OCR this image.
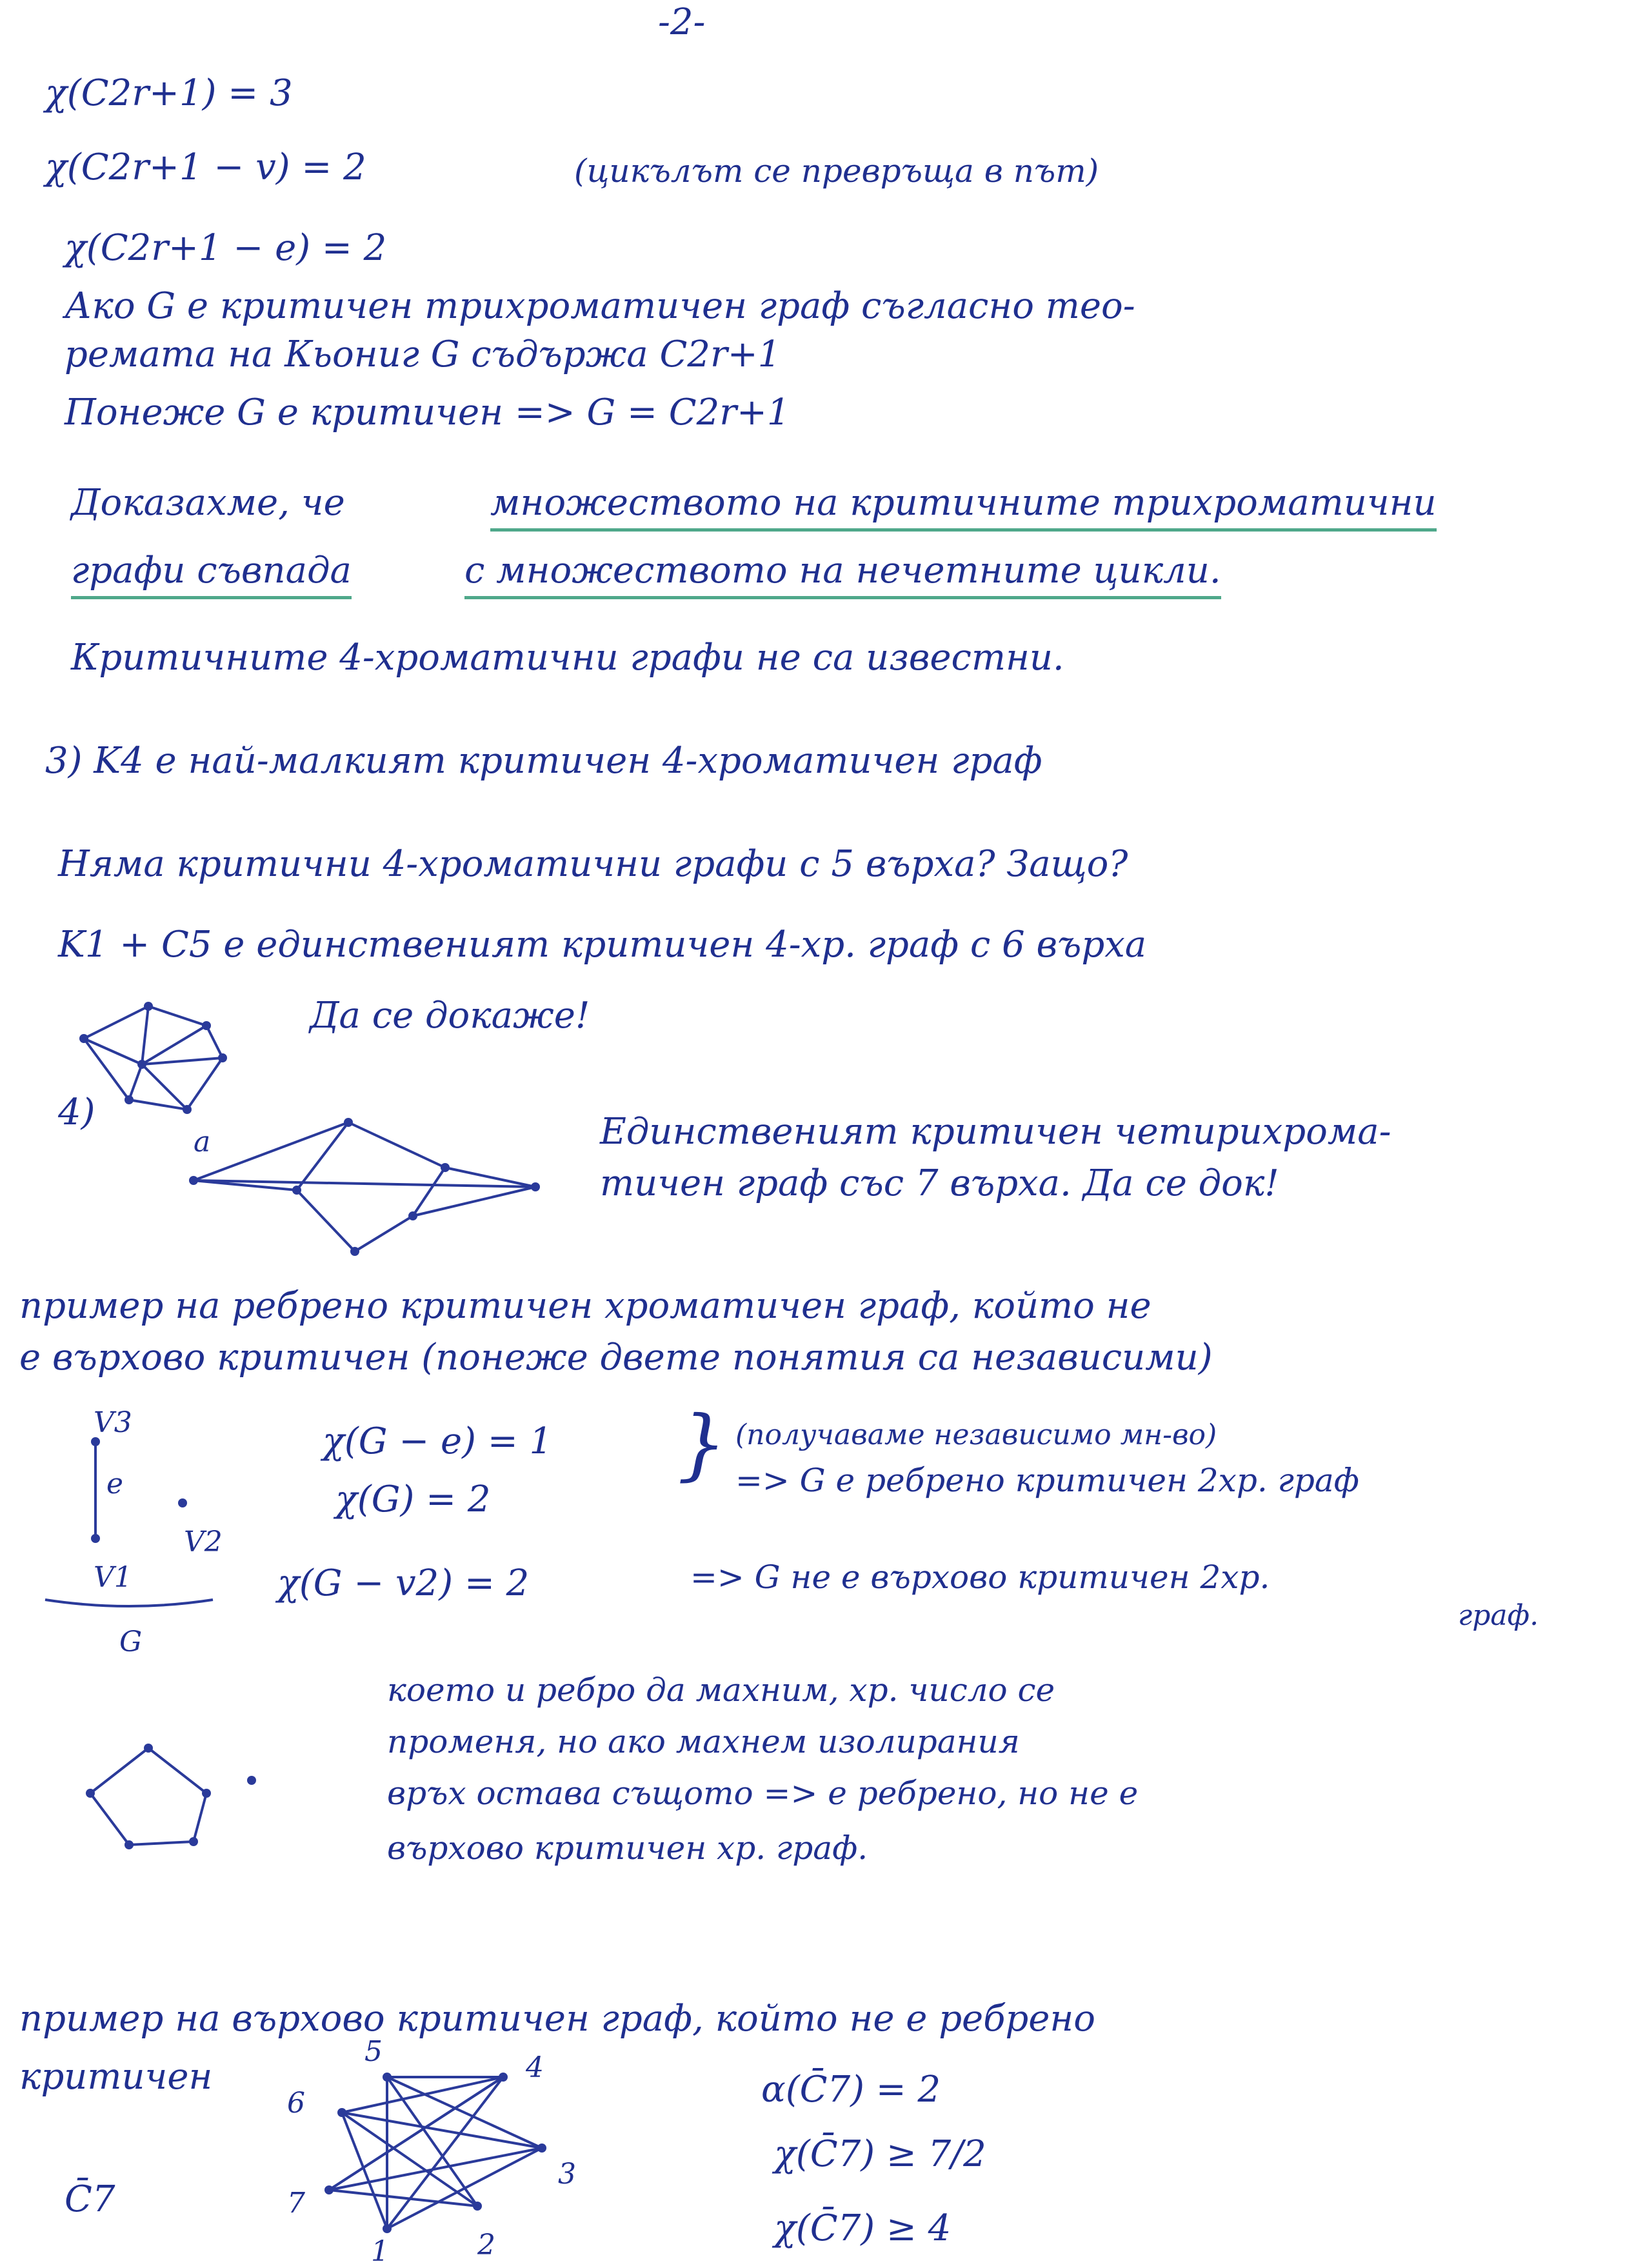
-2-
χ(C2r+1) = 3
χ(C2r+1 − v) = 2	(цикълът се превръща в път)
χ(C2r+1 − e) = 2
Ако G е критичен трихроматичен граф съгласно тео-
ремата на Кьониг G съдържа C2r+1
Понеже G е критичен => G = C2r+1
Доказахме, че	множеството на критичните трихроматични
графи съвпада	с множеството на нечетните цикли.
Критичните 4-хроматични графи не са известни.
3) K4 е най-малкият критичен 4-хроматичен граф
Няма критични 4-хроматични графи с 5 върха? Защо?
K1 + C5 е единственият критичен 4-хр. граф с 6 върха
Да се докаже!
4)
a	Единственият критичен четирихрома-
тичен граф със 7 върха. Да се док!
пример на ребрено критичен хроматичен граф, който не
е върхово критичен (понеже двете понятия са независими)
V3
e
V2
V1
G
χ(G − e) = 1 } (получаваме независимо мн-во)
χ(G) = 2	=> G е ребрено критичен 2хр. граф
χ(G − v2) = 2	=> G не е върхово критичен 2хр.
граф.
което и ребро да махним, хр. число се
променя, но ако махнем изолирания
връх остава същото => е ребрено, но не е
върхово критичен хр. граф.
пример на върхово критичен граф, който не е ребрено
критичен
5	4
3
2
1
7
6
C̄7
α(C̄7) = 2
χ(C̄7) ≥ 7/2
χ(C̄7) ≥ 4
